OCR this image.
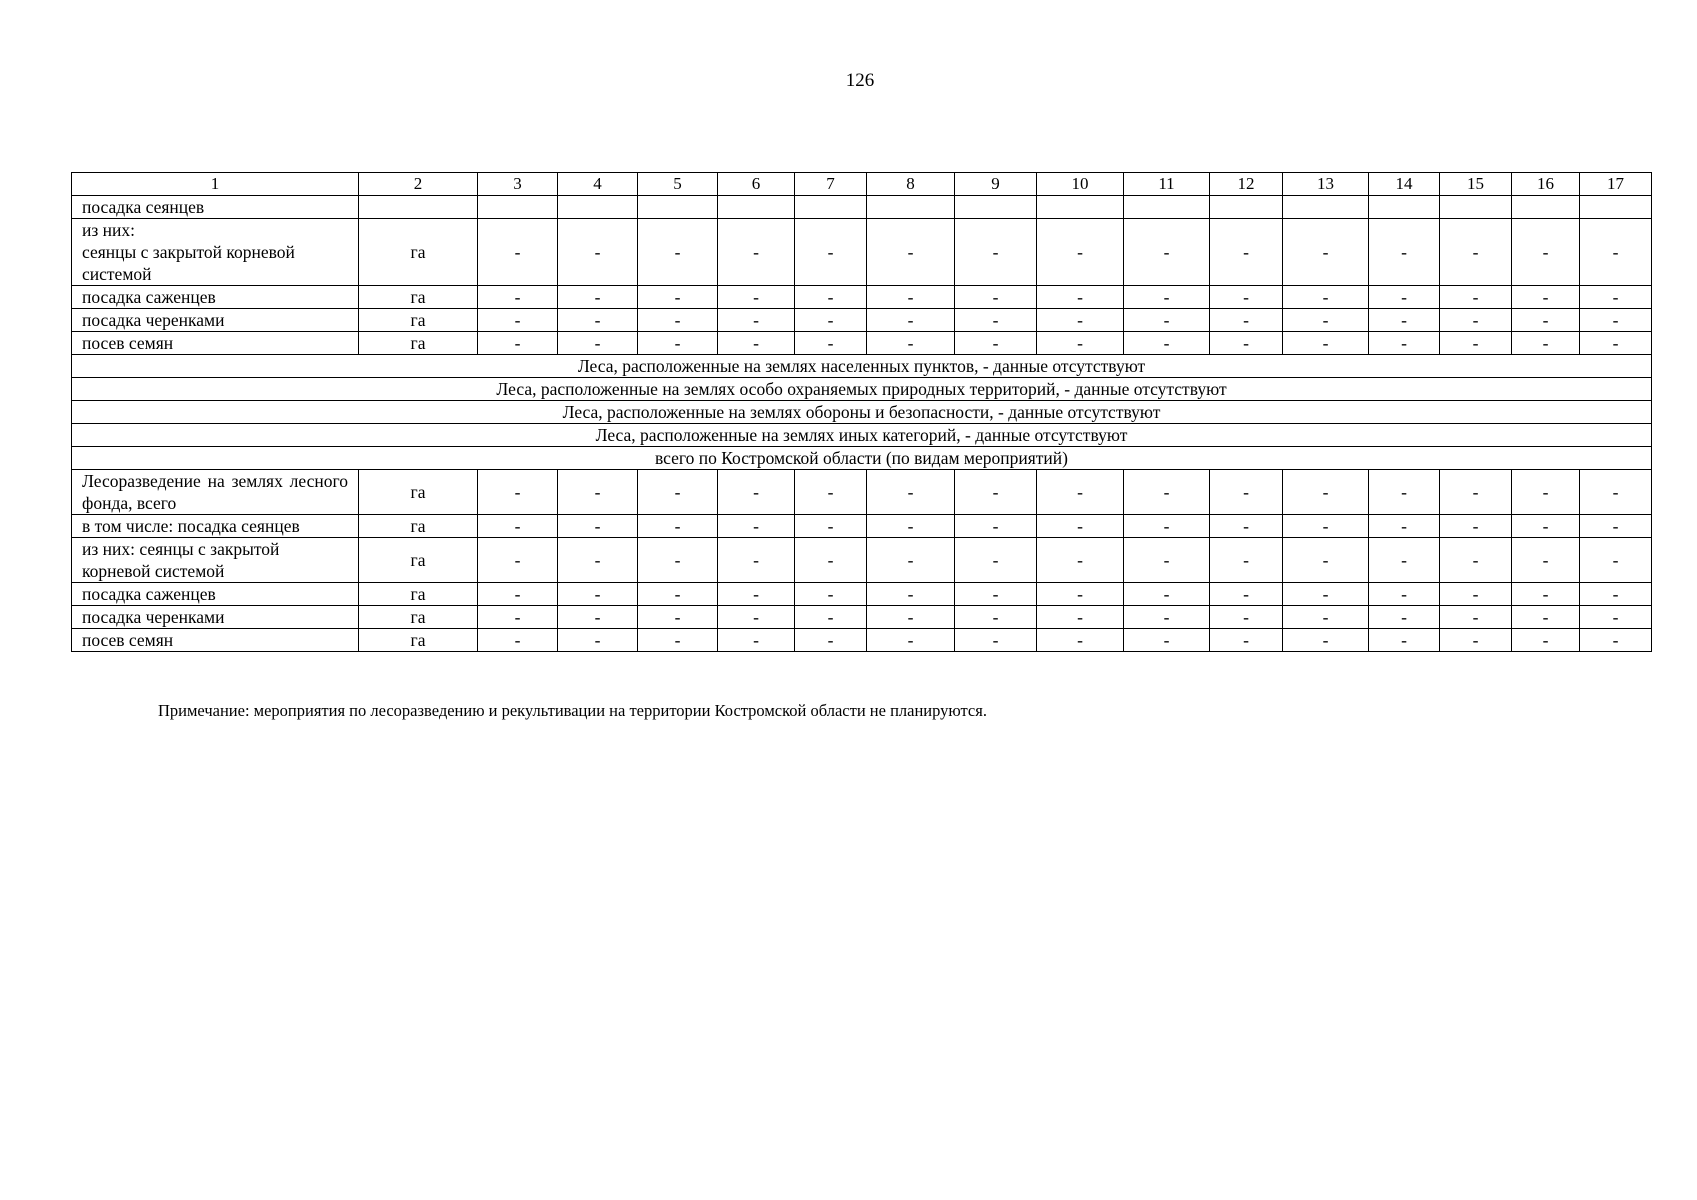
126
1	2	3	4	5	6	7	8	9	10	11	12	13	14	15	16	17
посадка сеянцев																
из них:
сеянцы с закрытой корневой системой	га	-	-	-	-	-	-	-	-	-	-	-	-	-	-	-
посадка саженцев	га	-	-	-	-	-	-	-	-	-	-	-	-	-	-	-
посадка черенками	га	-	-	-	-	-	-	-	-	-	-	-	-	-	-	-
посев семян	га	-	-	-	-	-	-	-	-	-	-	-	-	-	-	-
Леса, расположенные на землях населенных пунктов, - данные отсутствуют																
Леса, расположенные на землях особо охраняемых природных территорий, - данные отсутствуют																
Леса, расположенные на землях обороны и безопасности, - данные отсутствуют																
Леса, расположенные на землях иных категорий, - данные отсутствуют																
всего по Костромской области (по видам мероприятий)																
Лесоразведение на землях лесного фонда, всего	га	-	-	-	-	-	-	-	-	-	-	-	-	-	-	-
в том числе: посадка сеянцев	га	-	-	-	-	-	-	-	-	-	-	-	-	-	-	-
из них: сеянцы с закрытой корневой системой	га	-	-	-	-	-	-	-	-	-	-	-	-	-	-	-
посадка саженцев	га	-	-	-	-	-	-	-	-	-	-	-	-	-	-	-
посадка черенками	га	-	-	-	-	-	-	-	-	-	-	-	-	-	-	-
посев семян	га	-	-	-	-	-	-	-	-	-	-	-	-	-	-	-
Примечание: мероприятия по лесоразведению и рекультивации на территории Костромской области не планируются.
